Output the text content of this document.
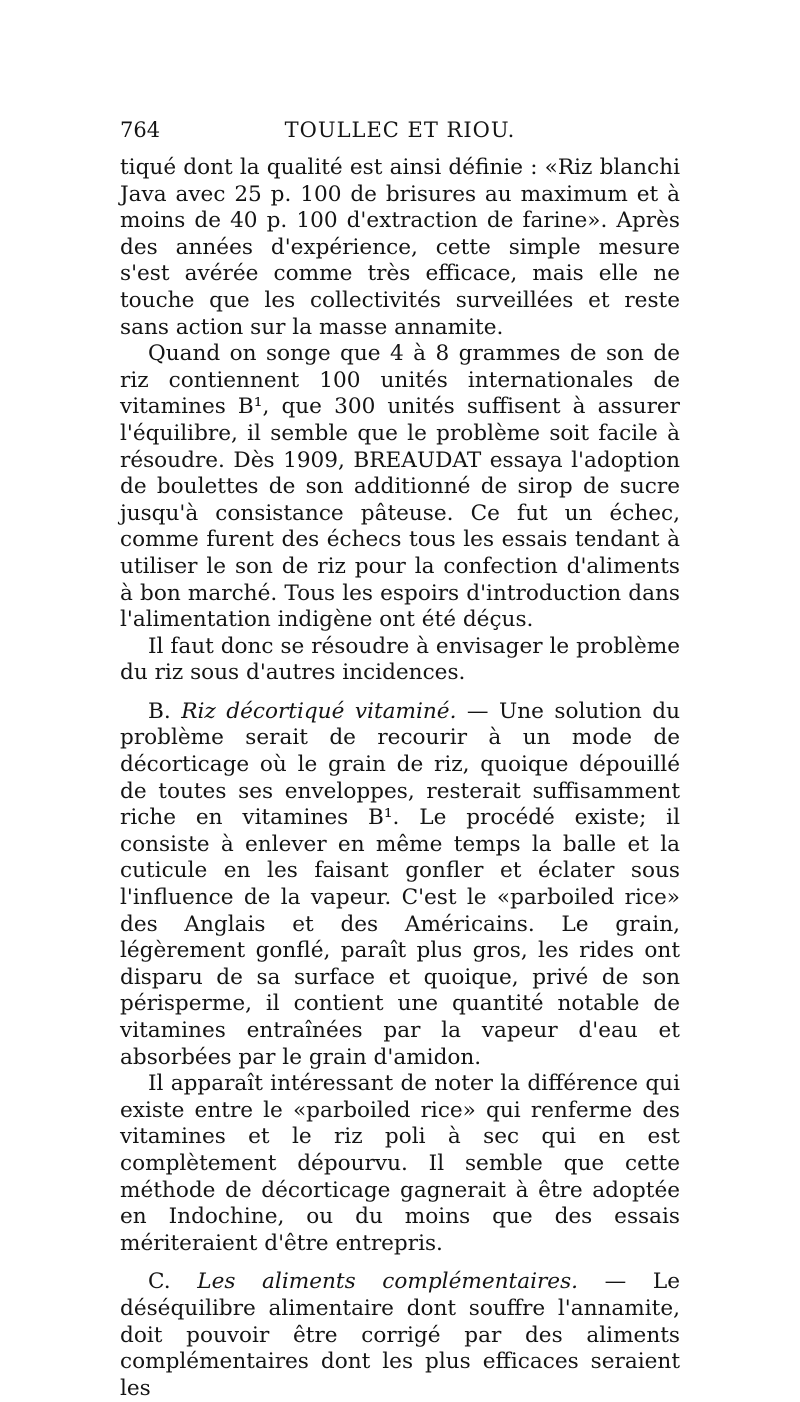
764	TOULLEC ET RIOU.

tiqué dont la qualité est ainsi définie : «Riz blanchi Java avec 25 p. 100 de brisures au maximum et à moins de 40 p. 100 d'extraction de farine». Après des années d'expérience, cette simple mesure s'est avérée comme très efficace, mais elle ne touche que les collectivités surveillées et reste sans action sur la masse annamite.

Quand on songe que 4 à 8 grammes de son de riz contiennent 100 unités internationales de vitamines B¹, que 300 unités suffisent à assurer l'équilibre, il semble que le problème soit facile à résoudre. Dès 1909, BREAUDAT essaya l'adoption de boulettes de son additionné de sirop de sucre jusqu'à consistance pâteuse. Ce fut un échec, comme furent des échecs tous les essais tendant à utiliser le son de riz pour la confection d'aliments à bon marché. Tous les espoirs d'introduction dans l'alimentation indigène ont été déçus.

Il faut donc se résoudre à envisager le problème du riz sous d'autres incidences.

B. Riz décortiqué vitaminé. — Une solution du problème serait de recourir à un mode de décorticage où le grain de riz, quoique dépouillé de toutes ses enveloppes, resterait suffisamment riche en vitamines B¹. Le procédé existe; il consiste à enlever en même temps la balle et la cuticule en les faisant gonfler et éclater sous l'influence de la vapeur. C'est le «parboiled rice» des Anglais et des Américains. Le grain, légèrement gonflé, paraît plus gros, les rides ont disparu de sa surface et quoique, privé de son périsperme, il contient une quantité notable de vitamines entraînées par la vapeur d'eau et absorbées par le grain d'amidon.

Il apparaît intéressant de noter la différence qui existe entre le «parboiled rice» qui renferme des vitamines et le riz poli à sec qui en est complètement dépourvu. Il semble que cette méthode de décorticage gagnerait à être adoptée en Indochine, ou du moins que des essais mériteraient d'être entrepris.

C. Les aliments complémentaires. — Le déséquilibre alimentaire dont souffre l'annamite, doit pouvoir être corrigé par des aliments complémentaires dont les plus efficaces seraient les
